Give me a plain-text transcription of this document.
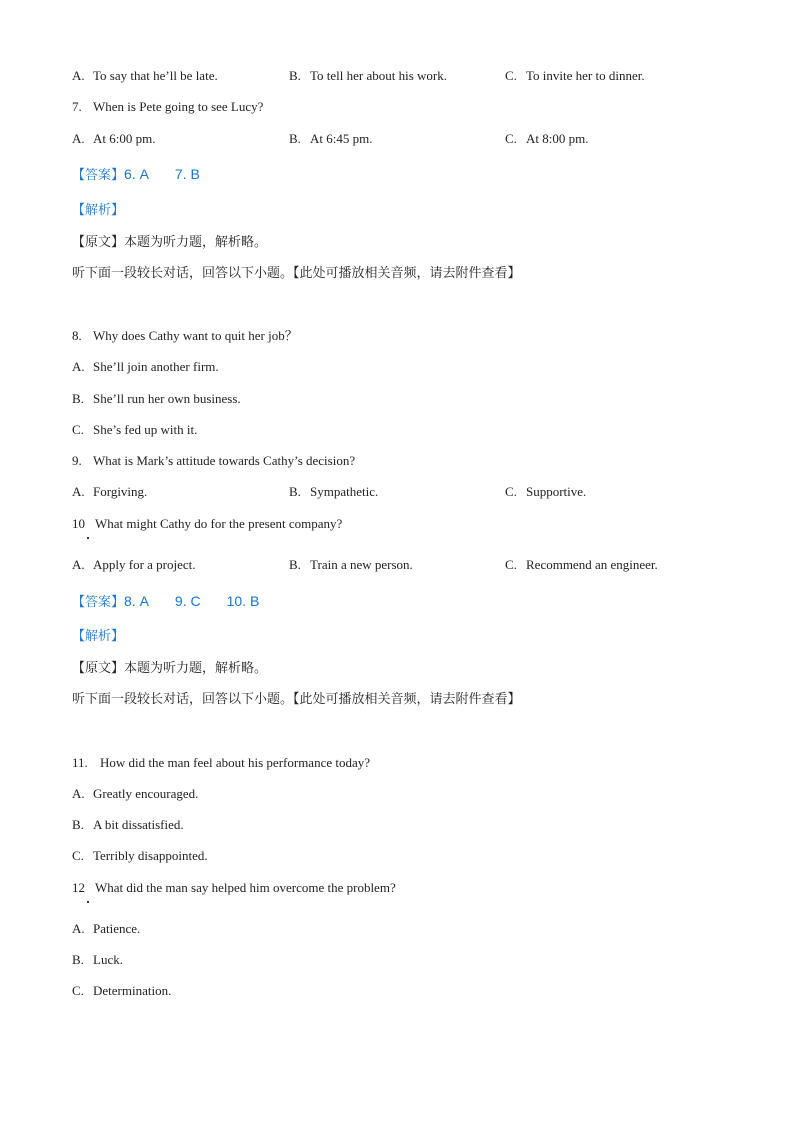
A. To say that he’ll be late.	B. To tell her about his work.	C. To invite her to dinner.
7. When is Pete going to see Lucy?
A. At 6:00 pm.	B. At 6:45 pm.	C. At 8:00 pm.
【答案】6. A 7. B
【解析】
【原文】本题为听力题，解析略。
听下面一段较长对话，回答以下小题。【此处可播放相关音频，请去附件查看】
8. Why does Cathy want to quit her job？
A. She’ll join another firm.
B. She’ll run her own business.
C. She’s fed up with it.
9. What is Mark’s attitude towards Cathy’s decision?
A. Forgiving.	B. Sympathetic.	C. Supportive.
10 What might Cathy do for the present company?
A. Apply for a project.	B. Train a new person.	C. Recommend an engineer.
【答案】8. A 9. C 10. B
【解析】
【原文】本题为听力题，解析略。
听下面一段较长对话，回答以下小题。【此处可播放相关音频，请去附件查看】
11. How did the man feel about his performance today?
A. Greatly encouraged.
B. A bit dissatisfied.
C. Terribly disappointed.
12 What did the man say helped him overcome the problem?
A. Patience.
B. Luck.
C. Determination.
